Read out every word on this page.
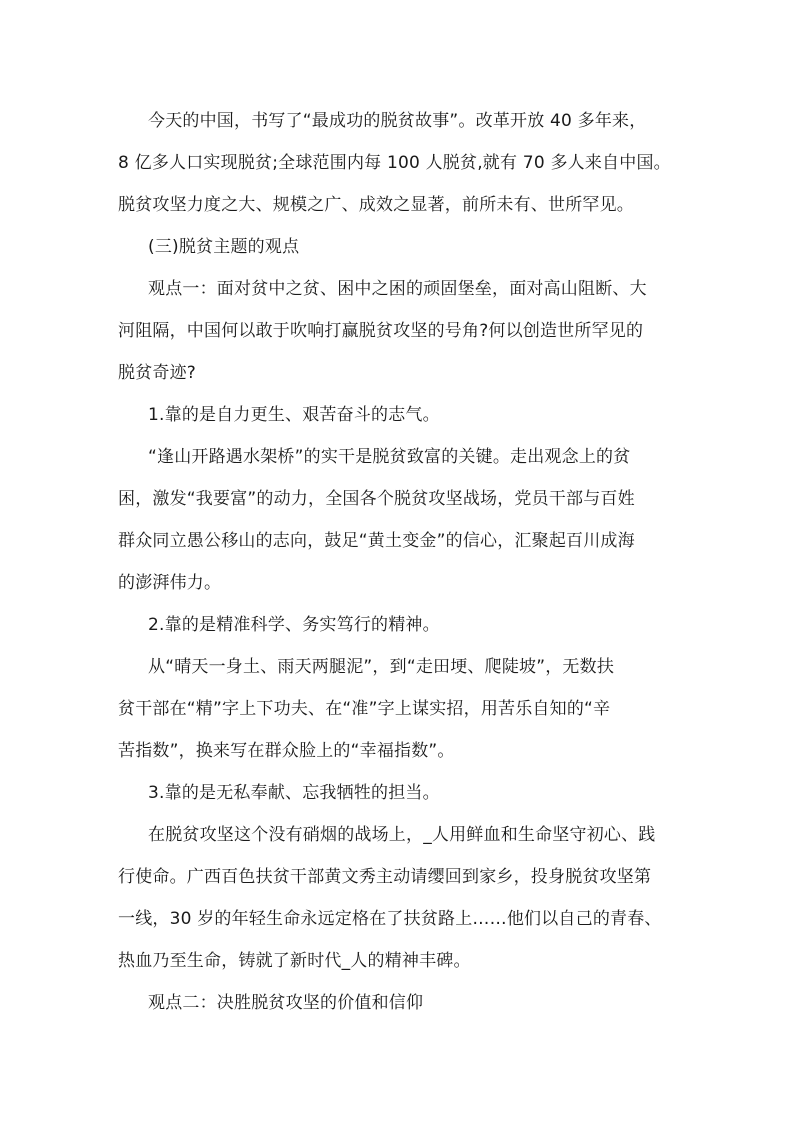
今天的中国，书写了“最成功的脱贫故事”。改革开放 40 多年来，
8 亿多人口实现脱贫;全球范围内每 100 人脱贫,就有 70 多人来自中国。
脱贫攻坚力度之大、规模之广、成效之显著，前所未有、世所罕见。

(三)脱贫主题的观点

观点一：面对贫中之贫、困中之困的顽固堡垒，面对高山阻断、大
河阻隔，中国何以敢于吹响打赢脱贫攻坚的号角?何以创造世所罕见的
脱贫奇迹?

1.靠的是自力更生、艰苦奋斗的志气。

“逢山开路遇水架桥”的实干是脱贫致富的关键。走出观念上的贫
困，激发“我要富”的动力，全国各个脱贫攻坚战场，党员干部与百姓
群众同立愚公移山的志向，鼓足“黄土变金”的信心，汇聚起百川成海
的澎湃伟力。

2.靠的是精准科学、务实笃行的精神。

从“晴天一身土、雨天两腿泥”，到“走田埂、爬陡坡”，无数扶
贫干部在“精”字上下功夫、在“准”字上谋实招，用苦乐自知的“辛
苦指数”，换来写在群众脸上的“幸福指数”。

3.靠的是无私奉献、忘我牺牲的担当。

在脱贫攻坚这个没有硝烟的战场上，_人用鲜血和生命坚守初心、践
行使命。广西百色扶贫干部黄文秀主动请缨回到家乡，投身脱贫攻坚第
一线，30 岁的年轻生命永远定格在了扶贫路上……他们以自己的青春、
热血乃至生命，铸就了新时代_人的精神丰碑。

观点二：决胜脱贫攻坚的价值和信仰
